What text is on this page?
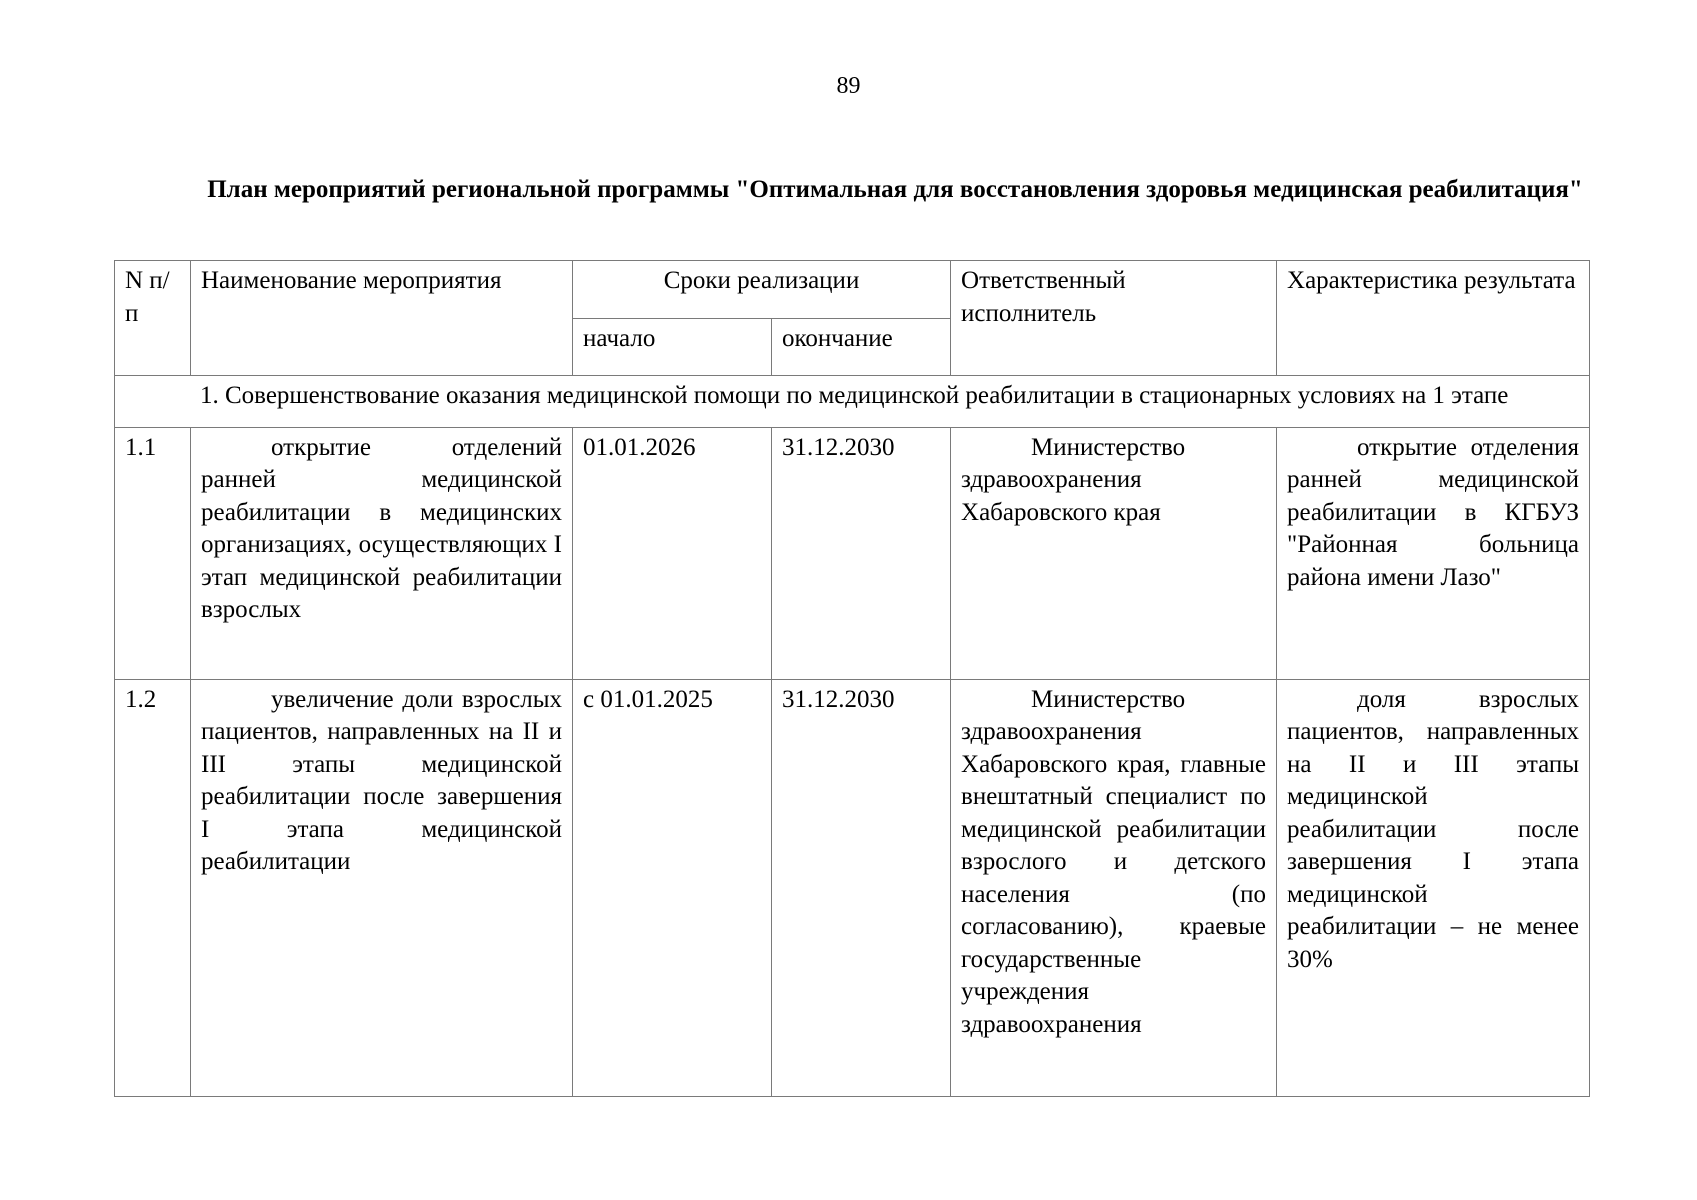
89
План мероприятий региональной программы "Оптимальная для восстановления здоровья медицинская реабилитация"
N п/п	Наименование мероприятия	Сроки реализации		Ответственный исполнитель	Характеристика результата
		начало	окончание		
1. Совершенствование оказания медицинской помощи по медицинской реабилитации в стационарных условиях на 1 этапе					
1.1	открытие отделений ранней медицинской реабилитации в медицинских организациях, осуществляющих I этап медицинской реабилитации взрослых	01.01.2026	31.12.2030	Министерство здравоохранения Хабаровского края	открытие отделения ранней медицинской реабилитации в КГБУЗ "Районная больница района имени Лазо"
1.2	увеличение доли взрослых пациентов, направленных на II и III этапы медицинской реабилитации после завершения I этапа медицинской реабилитации	с 01.01.2025	31.12.2030	Министерство здравоохранения Хабаровского края, главные внештатный специалист по медицинской реабилитации взрослого и детского населения (по согласованию), краевые государственные учреждения здравоохранения	доля взрослых пациентов, направленных на II и III этапы медицинской реабилитации после завершения I этапа медицинской реабилитации – не менее 30%
